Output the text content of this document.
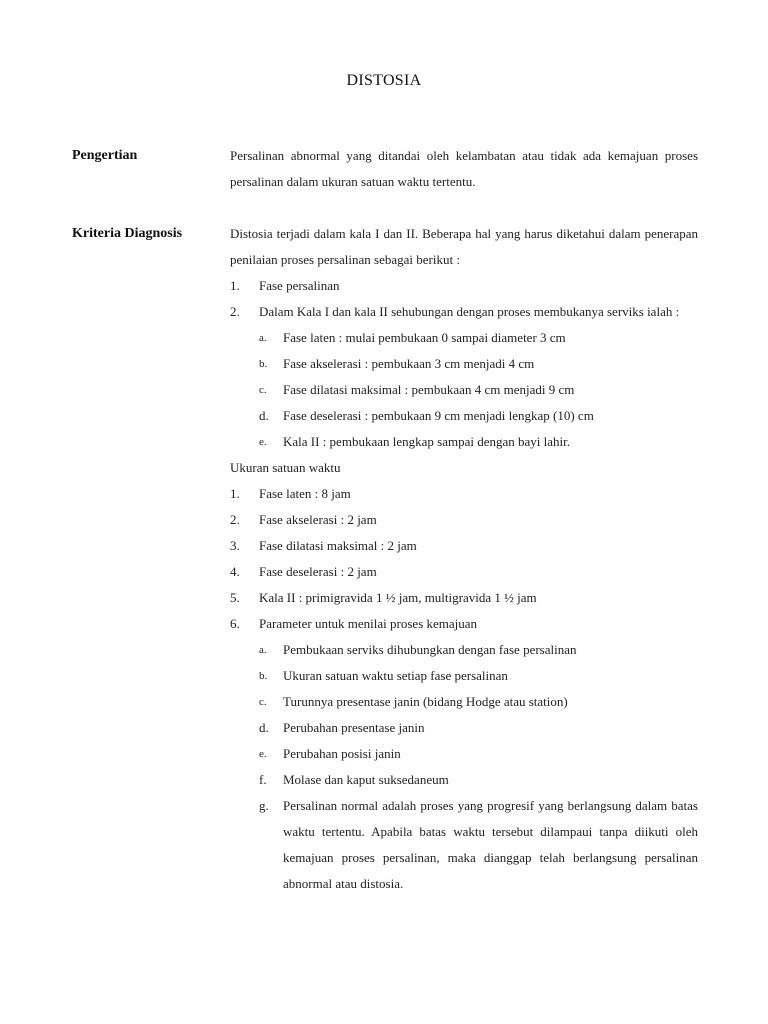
DISTOSIA
Pengertian	Persalinan abnormal yang ditandai oleh kelambatan atau tidak ada kemajuan proses persalinan dalam ukuran satuan waktu tertentu.
Kriteria Diagnosis	Distosia terjadi dalam kala I dan II. Beberapa hal yang harus diketahui dalam penerapan penilaian proses persalinan sebagai berikut :
1.	Fase persalinan
2.	Dalam Kala I dan kala II sehubungan dengan proses membukanya serviks ialah :
a.	Fase laten : mulai pembukaan 0 sampai diameter 3 cm
b.	Fase akselerasi : pembukaan 3 cm menjadi 4 cm
c.	Fase dilatasi maksimal : pembukaan 4 cm menjadi 9 cm
d.	Fase deselerasi : pembukaan 9 cm menjadi lengkap (10) cm
e.	Kala II : pembukaan lengkap sampai dengan bayi lahir.
Ukuran satuan waktu
1.	Fase laten : 8 jam
2.	Fase akselerasi : 2 jam
3.	Fase dilatasi maksimal : 2 jam
4.	Fase deselerasi : 2 jam
5.	Kala II : primigravida 1 ½ jam, multigravida 1 ½ jam
6.	Parameter untuk menilai proses kemajuan
a.	Pembukaan serviks dihubungkan dengan fase persalinan
b.	Ukuran satuan waktu setiap fase persalinan
c.	Turunnya presentase janin (bidang Hodge atau station)
d.	Perubahan presentase janin
e.	Perubahan posisi janin
f.	Molase dan kaput suksedaneum
g.	Persalinan normal adalah proses yang progresif yang berlangsung dalam batas waktu tertentu. Apabila batas waktu tersebut dilampaui tanpa diikuti oleh kemajuan proses persalinan, maka dianggap telah berlangsung persalinan abnormal atau distosia.
